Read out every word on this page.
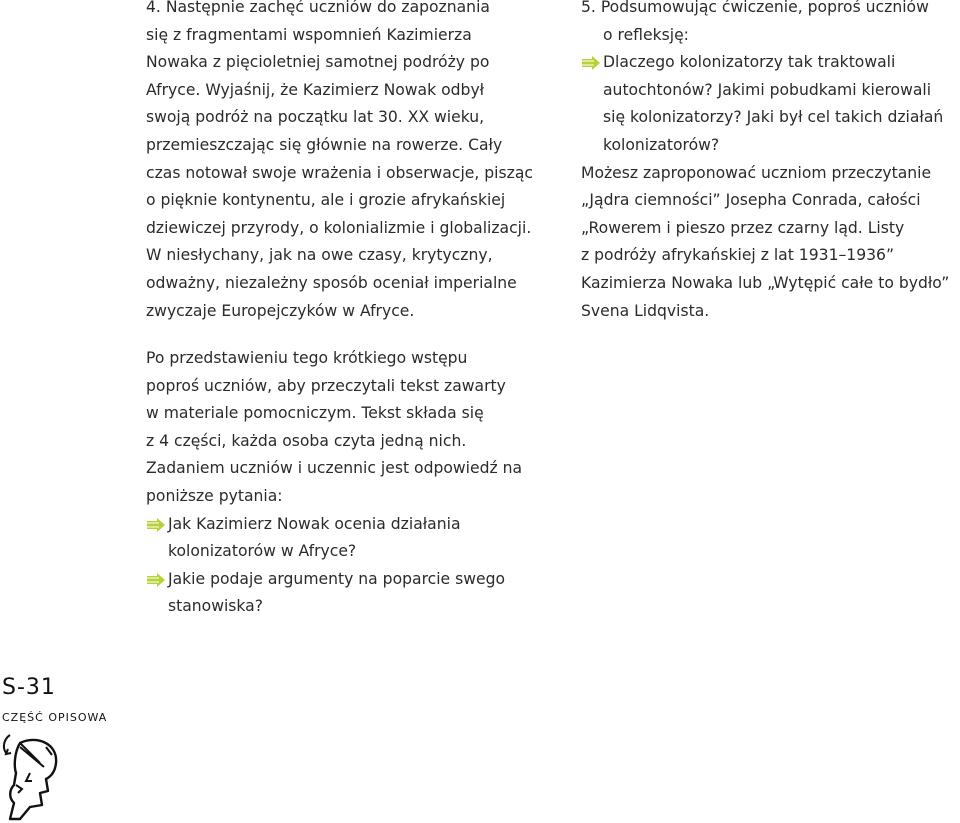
4. Następnie zachęć uczniów do zapoznania

się z fragmentami wspomnień Kazimierza

Nowaka z pięcioletniej samotnej podróży po

Afryce. Wyjaśnij, że Kazimierz Nowak odbył

swoją podróż na początku lat 30. XX wieku,

przemieszczając się głównie na rowerze. Cały

czas notował swoje wrażenia i obserwacje, pisząc

o pięknie kontynentu, ale i grozie afrykańskiej

dziewiczej przyrody, o kolonializmie i globalizacji.

W niesłychany, jak na owe czasy, krytyczny,

odważny, niezależny sposób oceniał imperialne

zwyczaje Europejczyków w Afryce.

Po przedstawieniu tego krótkiego wstępu

poproś uczniów, aby przeczytali tekst zawarty

w materiale pomocniczym. Tekst składa się

z 4 części, każda osoba czyta jedną nich.

Zadaniem uczniów i uczennic jest odpowiedź na

poniższe pytania:

Jak Kazimierz Nowak ocenia działania

kolonizatorów w Afryce?

Jakie podaje argumenty na poparcie swego

stanowiska?

5. Podsumowując ćwiczenie, poproś uczniów

o refleksję:

Dlaczego kolonizatorzy tak traktowali

autochtonów? Jakimi pobudkami kierowali

się kolonizatorzy? Jaki był cel takich działań

kolonizatorów?

Możesz zaproponować uczniom przeczytanie

„Jądra ciemności” Josepha Conrada, całości

„Rowerem i pieszo przez czarny ląd. Listy

z podróży afrykańskiej z lat 1931–1936”

Kazimierza Nowaka lub „Wytępić całe to bydło”

Svena Lidqvista.

S-31
CZĘŚĆ OPISOWA
